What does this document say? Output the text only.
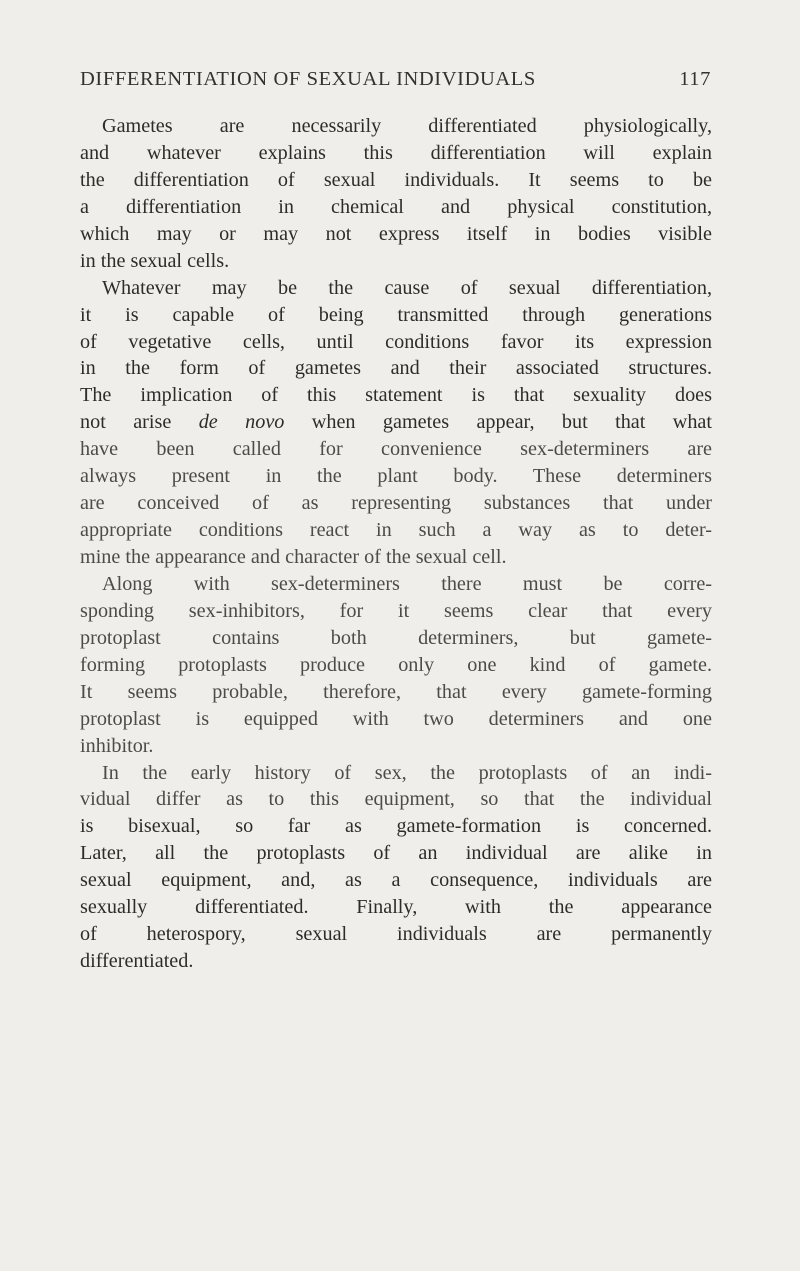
DIFFERENTIATION OF SEXUAL INDIVIDUALS	117
Gametes are necessarily differentiated physiologically,
and whatever explains this differentiation will explain
the differentiation of sexual individuals. It seems to be
a differentiation in chemical and physical constitution,
which may or may not express itself in bodies visible
in the sexual cells.
Whatever may be the cause of sexual differentiation,
it is capable of being transmitted through generations
of vegetative cells, until conditions favor its expression
in the form of gametes and their associated structures.
The implication of this statement is that sexuality does
not arise de novo when gametes appear, but that what
have been called for convenience sex-determiners are
always present in the plant body. These determiners
are conceived of as representing substances that under
appropriate conditions react in such a way as to deter-
mine the appearance and character of the sexual cell.
Along with sex-determiners there must be corre-
sponding sex-inhibitors, for it seems clear that every
protoplast contains both determiners, but gamete-
forming protoplasts produce only one kind of gamete.
It seems probable, therefore, that every gamete-forming
protoplast is equipped with two determiners and one
inhibitor.
In the early history of sex, the protoplasts of an indi-
vidual differ as to this equipment, so that the individual
is bisexual, so far as gamete-formation is concerned.
Later, all the protoplasts of an individual are alike in
sexual equipment, and, as a consequence, individuals are
sexually differentiated. Finally, with the appearance
of heterospory, sexual individuals are permanently
differentiated.
